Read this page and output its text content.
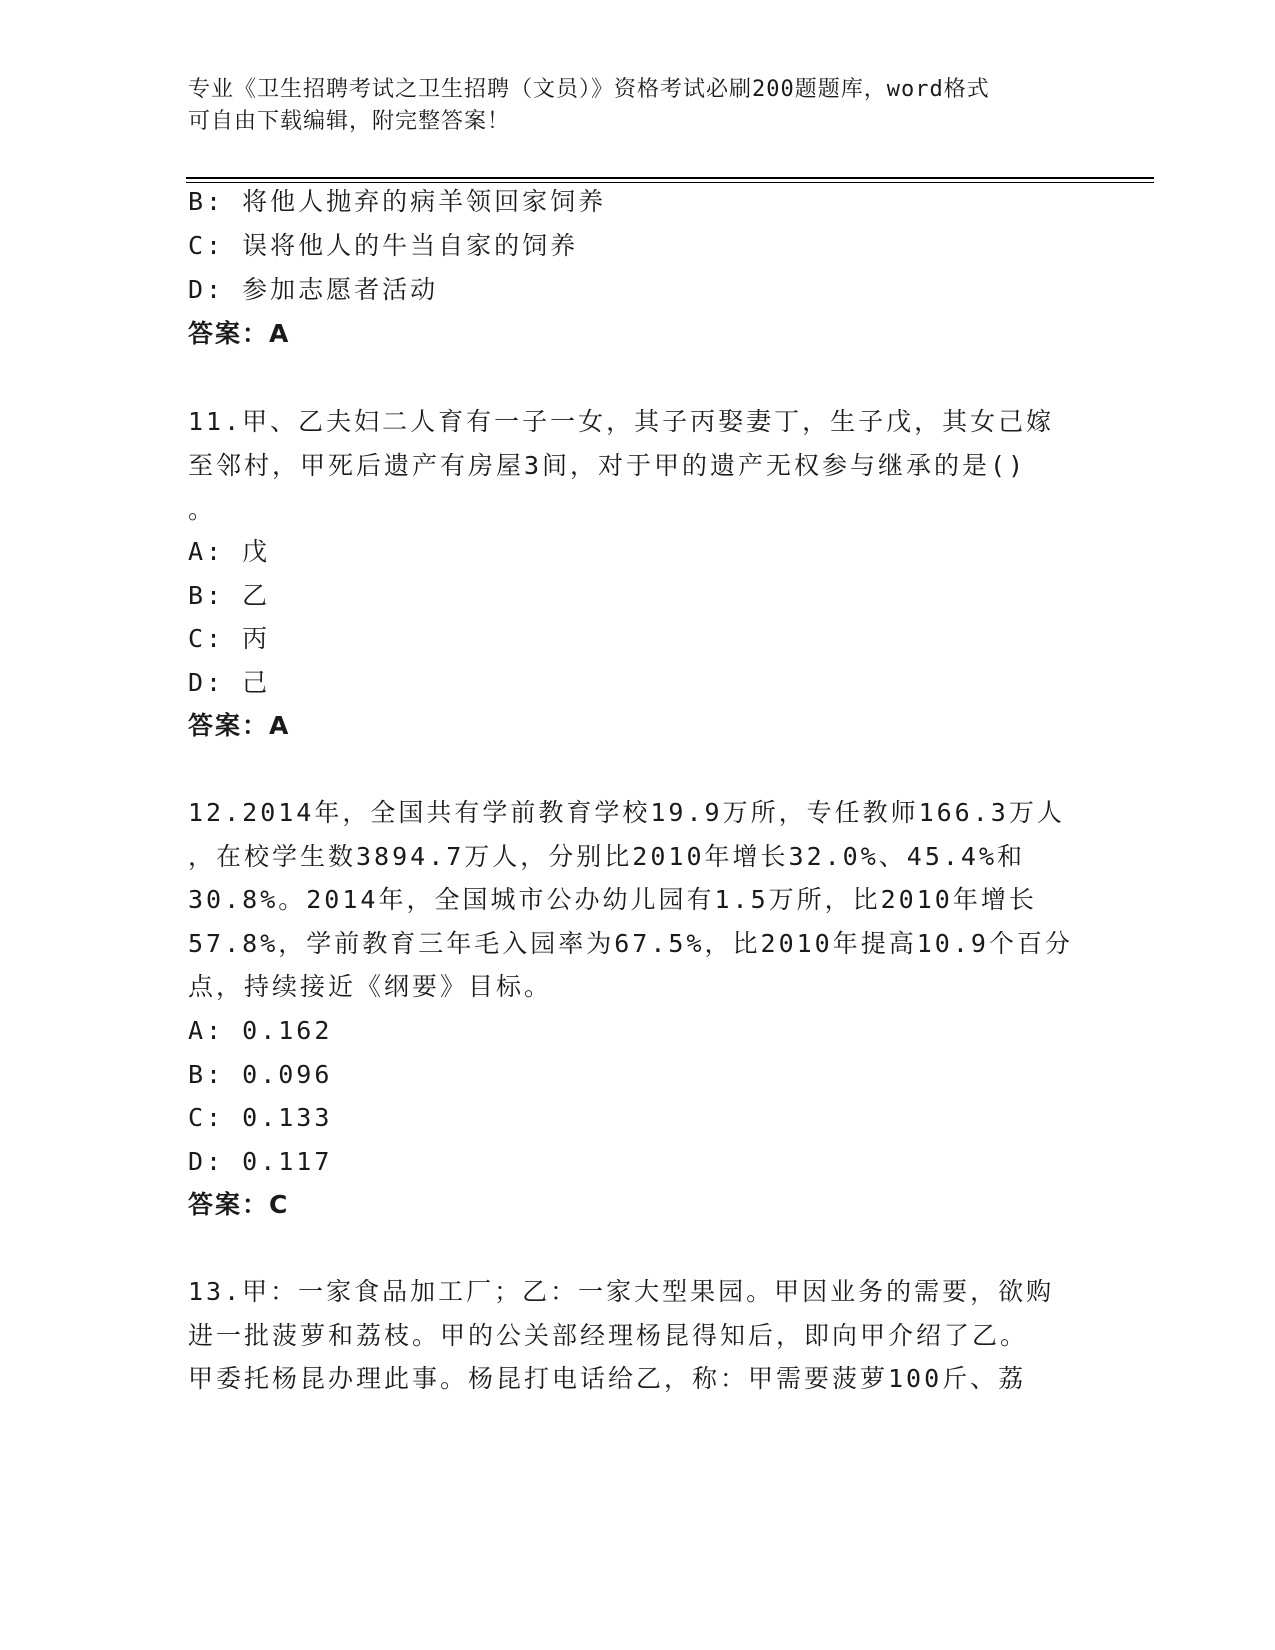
专业《卫生招聘考试之卫生招聘（文员）》资格考试必刷200题题库，word格式
可自由下载编辑，附完整答案！
B: 将他人抛弃的病羊领回家饲养
C: 误将他人的牛当自家的饲养
D: 参加志愿者活动
答案：A
11.甲、乙夫妇二人育有一子一女，其子丙娶妻丁，生子戊，其女己嫁
至邻村，甲死后遗产有房屋3间，对于甲的遗产无权参与继承的是()
。
A: 戊
B: 乙
C: 丙
D: 己
答案：A
12.2014年，全国共有学前教育学校19.9万所，专任教师166.3万人
，在校学生数3894.7万人，分别比2010年增长32.0%、45.4%和
30.8%。2014年，全国城市公办幼儿园有1.5万所，比2010年增长
57.8%，学前教育三年毛入园率为67.5%，比2010年提高10.9个百分
点，持续接近《纲要》目标。
A: 0.162
B: 0.096
C: 0.133
D: 0.117
答案：C
13.甲：一家食品加工厂；乙：一家大型果园。甲因业务的需要，欲购
进一批菠萝和荔枝。甲的公关部经理杨昆得知后，即向甲介绍了乙。
甲委托杨昆办理此事。杨昆打电话给乙，称：甲需要菠萝100斤、荔
